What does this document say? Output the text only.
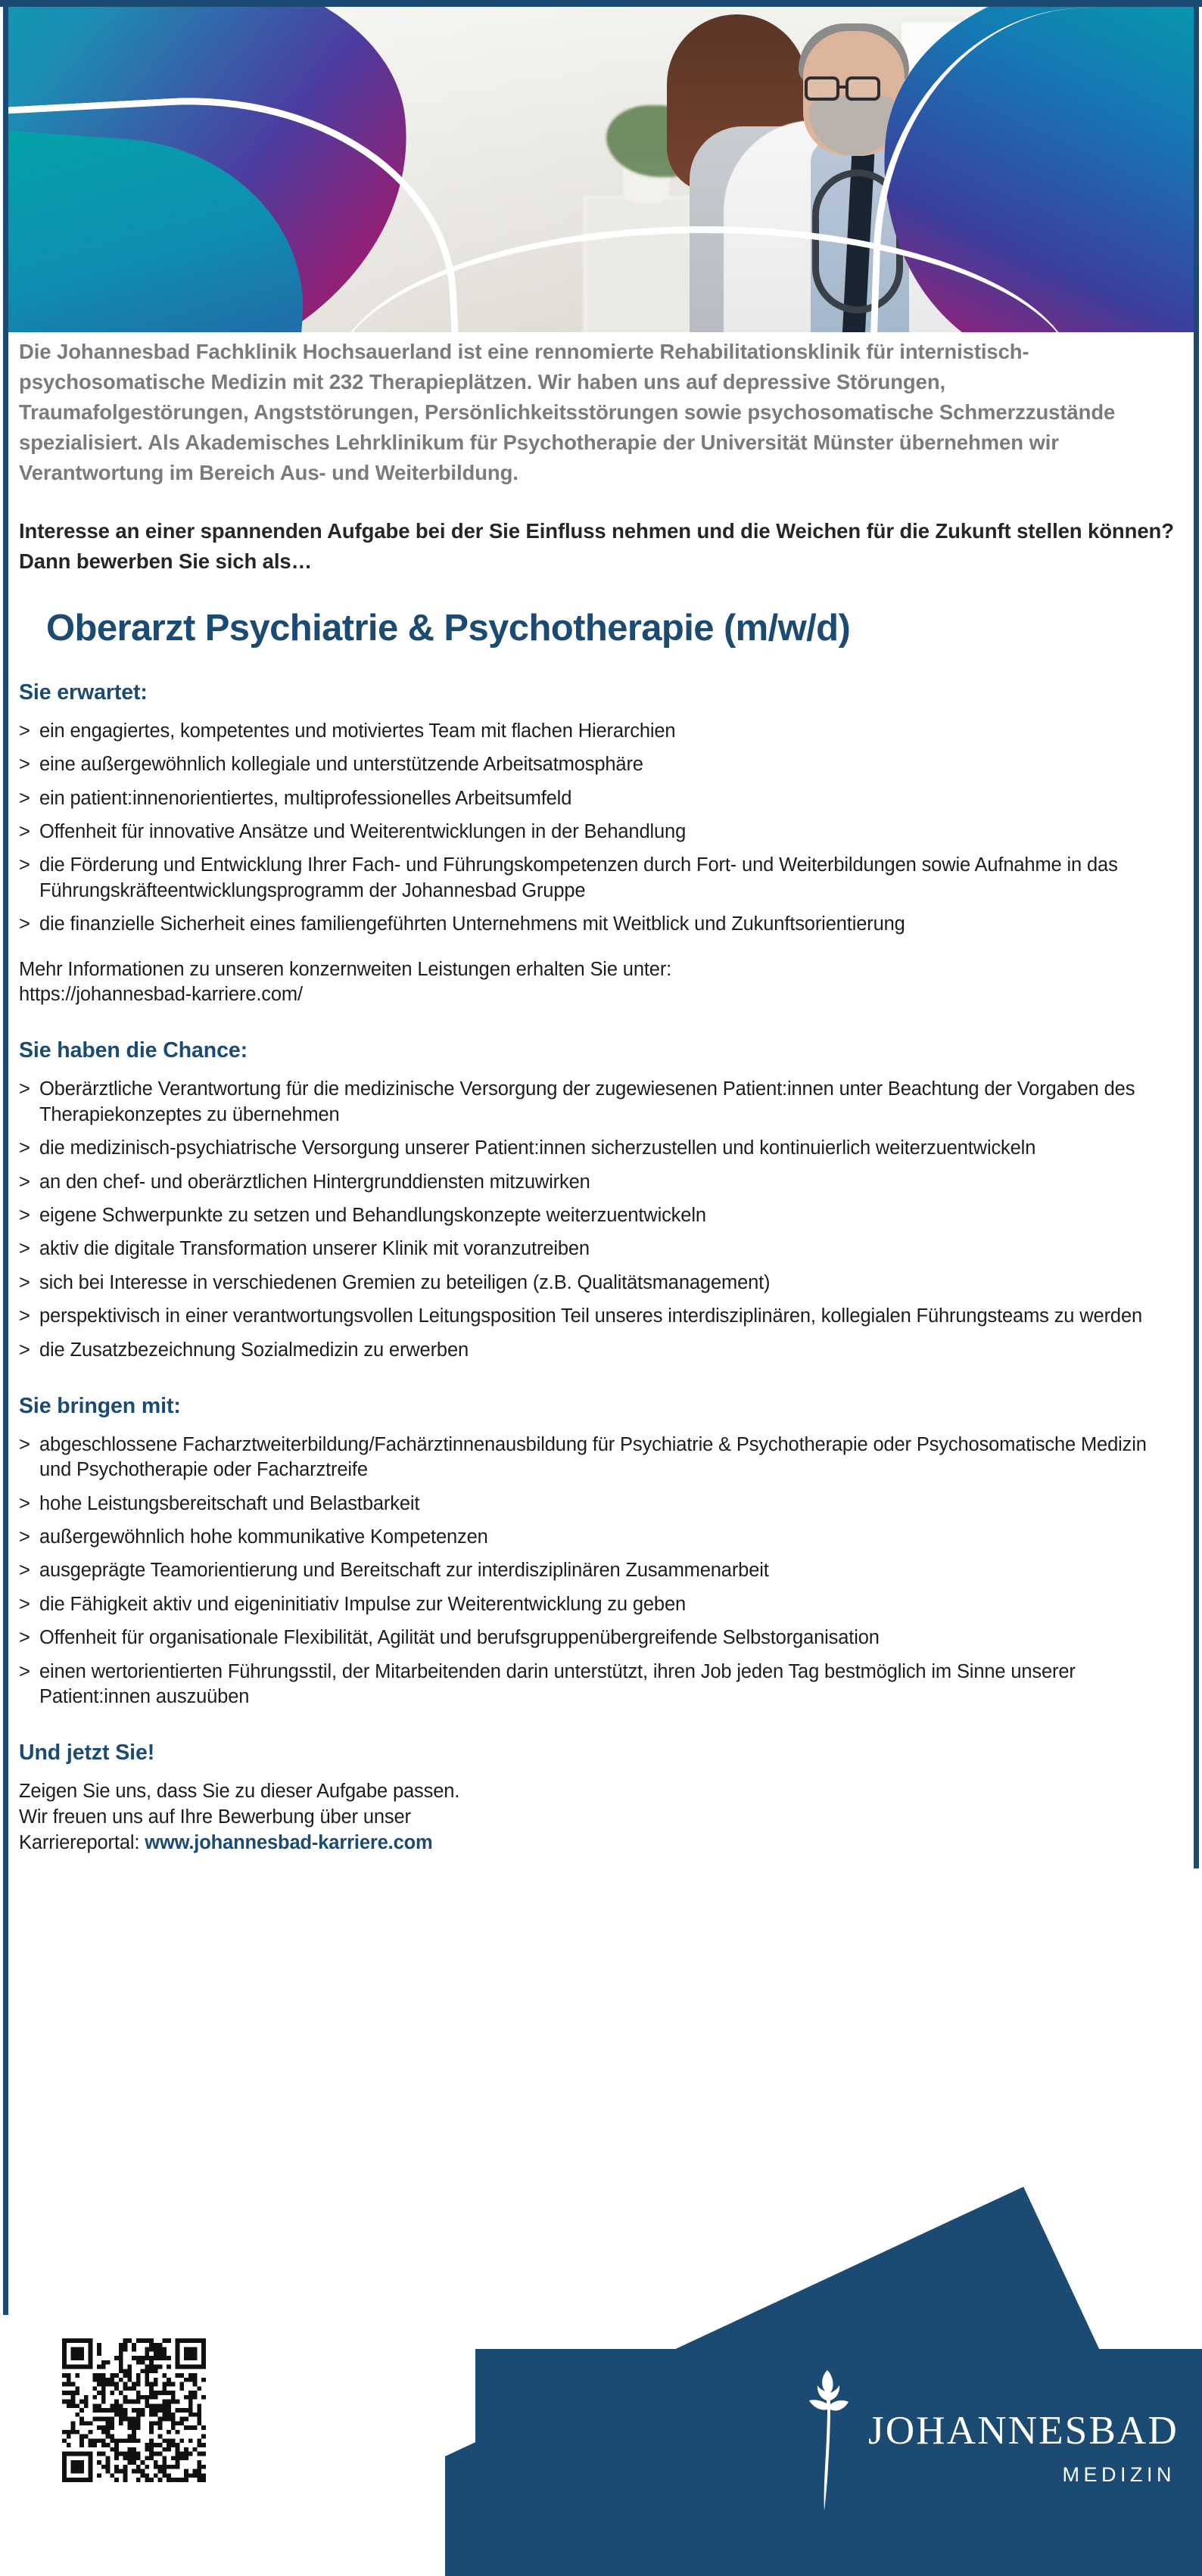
Die Johannesbad Fachklinik Hochsauerland ist eine rennomierte Rehabilitationsklinik für internistisch-psychosomatische Medizin mit 232 Therapieplätzen. Wir haben uns auf depressive Störungen, Traumafolgestörungen, Angststörungen, Persönlichkeitsstörungen sowie psychosomatische Schmerzzustände spezialisiert. Als Akademisches Lehrklinikum für Psychotherapie der Universität Münster übernehmen wir Verantwortung im Bereich Aus- und Weiterbildung.

Interesse an einer spannenden Aufgabe bei der Sie Einfluss nehmen und die Weichen für die Zukunft stellen können? Dann bewerben Sie sich als…

Oberarzt Psychiatrie & Psychotherapie (m/w/d)
Sie erwartet:
> ein engagiertes, kompetentes und motiviertes Team mit flachen Hierarchien
> eine außergewöhnlich kollegiale und unterstützende Arbeitsatmosphäre
> ein patient:innenorientiertes, multiprofessionelles Arbeitsumfeld
> Offenheit für innovative Ansätze und Weiterentwicklungen in der Behandlung
> die Förderung und Entwicklung Ihrer Fach- und Führungskompetenzen durch Fort- und Weiterbildungen sowie Aufnahme in das Führungskräfteentwicklungsprogramm der Johannesbad Gruppe
> die finanzielle Sicherheit eines familiengeführten Unternehmens mit Weitblick und Zukunftsorientierung

Mehr Informationen zu unseren konzernweiten Leistungen erhalten Sie unter:

https://johannesbad-karriere.com/

Sie haben die Chance:
> Oberärztliche Verantwortung für die medizinische Versorgung der zugewiesenen Patient:innen unter Beachtung der Vorgaben des Therapiekonzeptes zu übernehmen
> die medizinisch-psychiatrische Versorgung unserer Patient:innen sicherzustellen und kontinuierlich weiterzuentwickeln
> an den chef- und oberärztlichen Hintergrunddiensten mitzuwirken
> eigene Schwerpunkte zu setzen und Behandlungskonzepte weiterzuentwickeln
> aktiv die digitale Transformation unserer Klinik mit voranzutreiben
> sich bei Interesse in verschiedenen Gremien zu beteiligen (z.B. Qualitätsmanagement)
> perspektivisch in einer verantwortungsvollen Leitungsposition Teil unseres interdisziplinären, kollegialen Führungsteams zu werden
> die Zusatzbezeichnung Sozialmedizin zu erwerben
Sie bringen mit:
> abgeschlossene Facharztweiterbildung/Fachärztinnenausbildung für Psychiatrie & Psychotherapie oder Psychosomatische Medizin und Psychotherapie oder Facharztreife
> hohe Leistungsbereitschaft und Belastbarkeit
> außergewöhnlich hohe kommunikative Kompetenzen
> ausgeprägte Teamorientierung und Bereitschaft zur interdisziplinären Zusammenarbeit
> die Fähigkeit aktiv und eigeninitiativ Impulse zur Weiterentwicklung zu geben
> Offenheit für organisationale Flexibilität, Agilität und berufsgruppenübergreifende Selbstorganisation
> einen wertorientierten Führungsstil, der Mitarbeitenden darin unterstützt, ihren Job jeden Tag bestmöglich im Sinne unserer Patient:innen auszuüben
Und jetzt Sie!
Zeigen Sie uns, dass Sie zu dieser Aufgabe passen.
Wir freuen uns auf Ihre Bewerbung über unser
Karriereportal: www.johannesbad-karriere.com
JOHANNESBAD
MEDIZIN
